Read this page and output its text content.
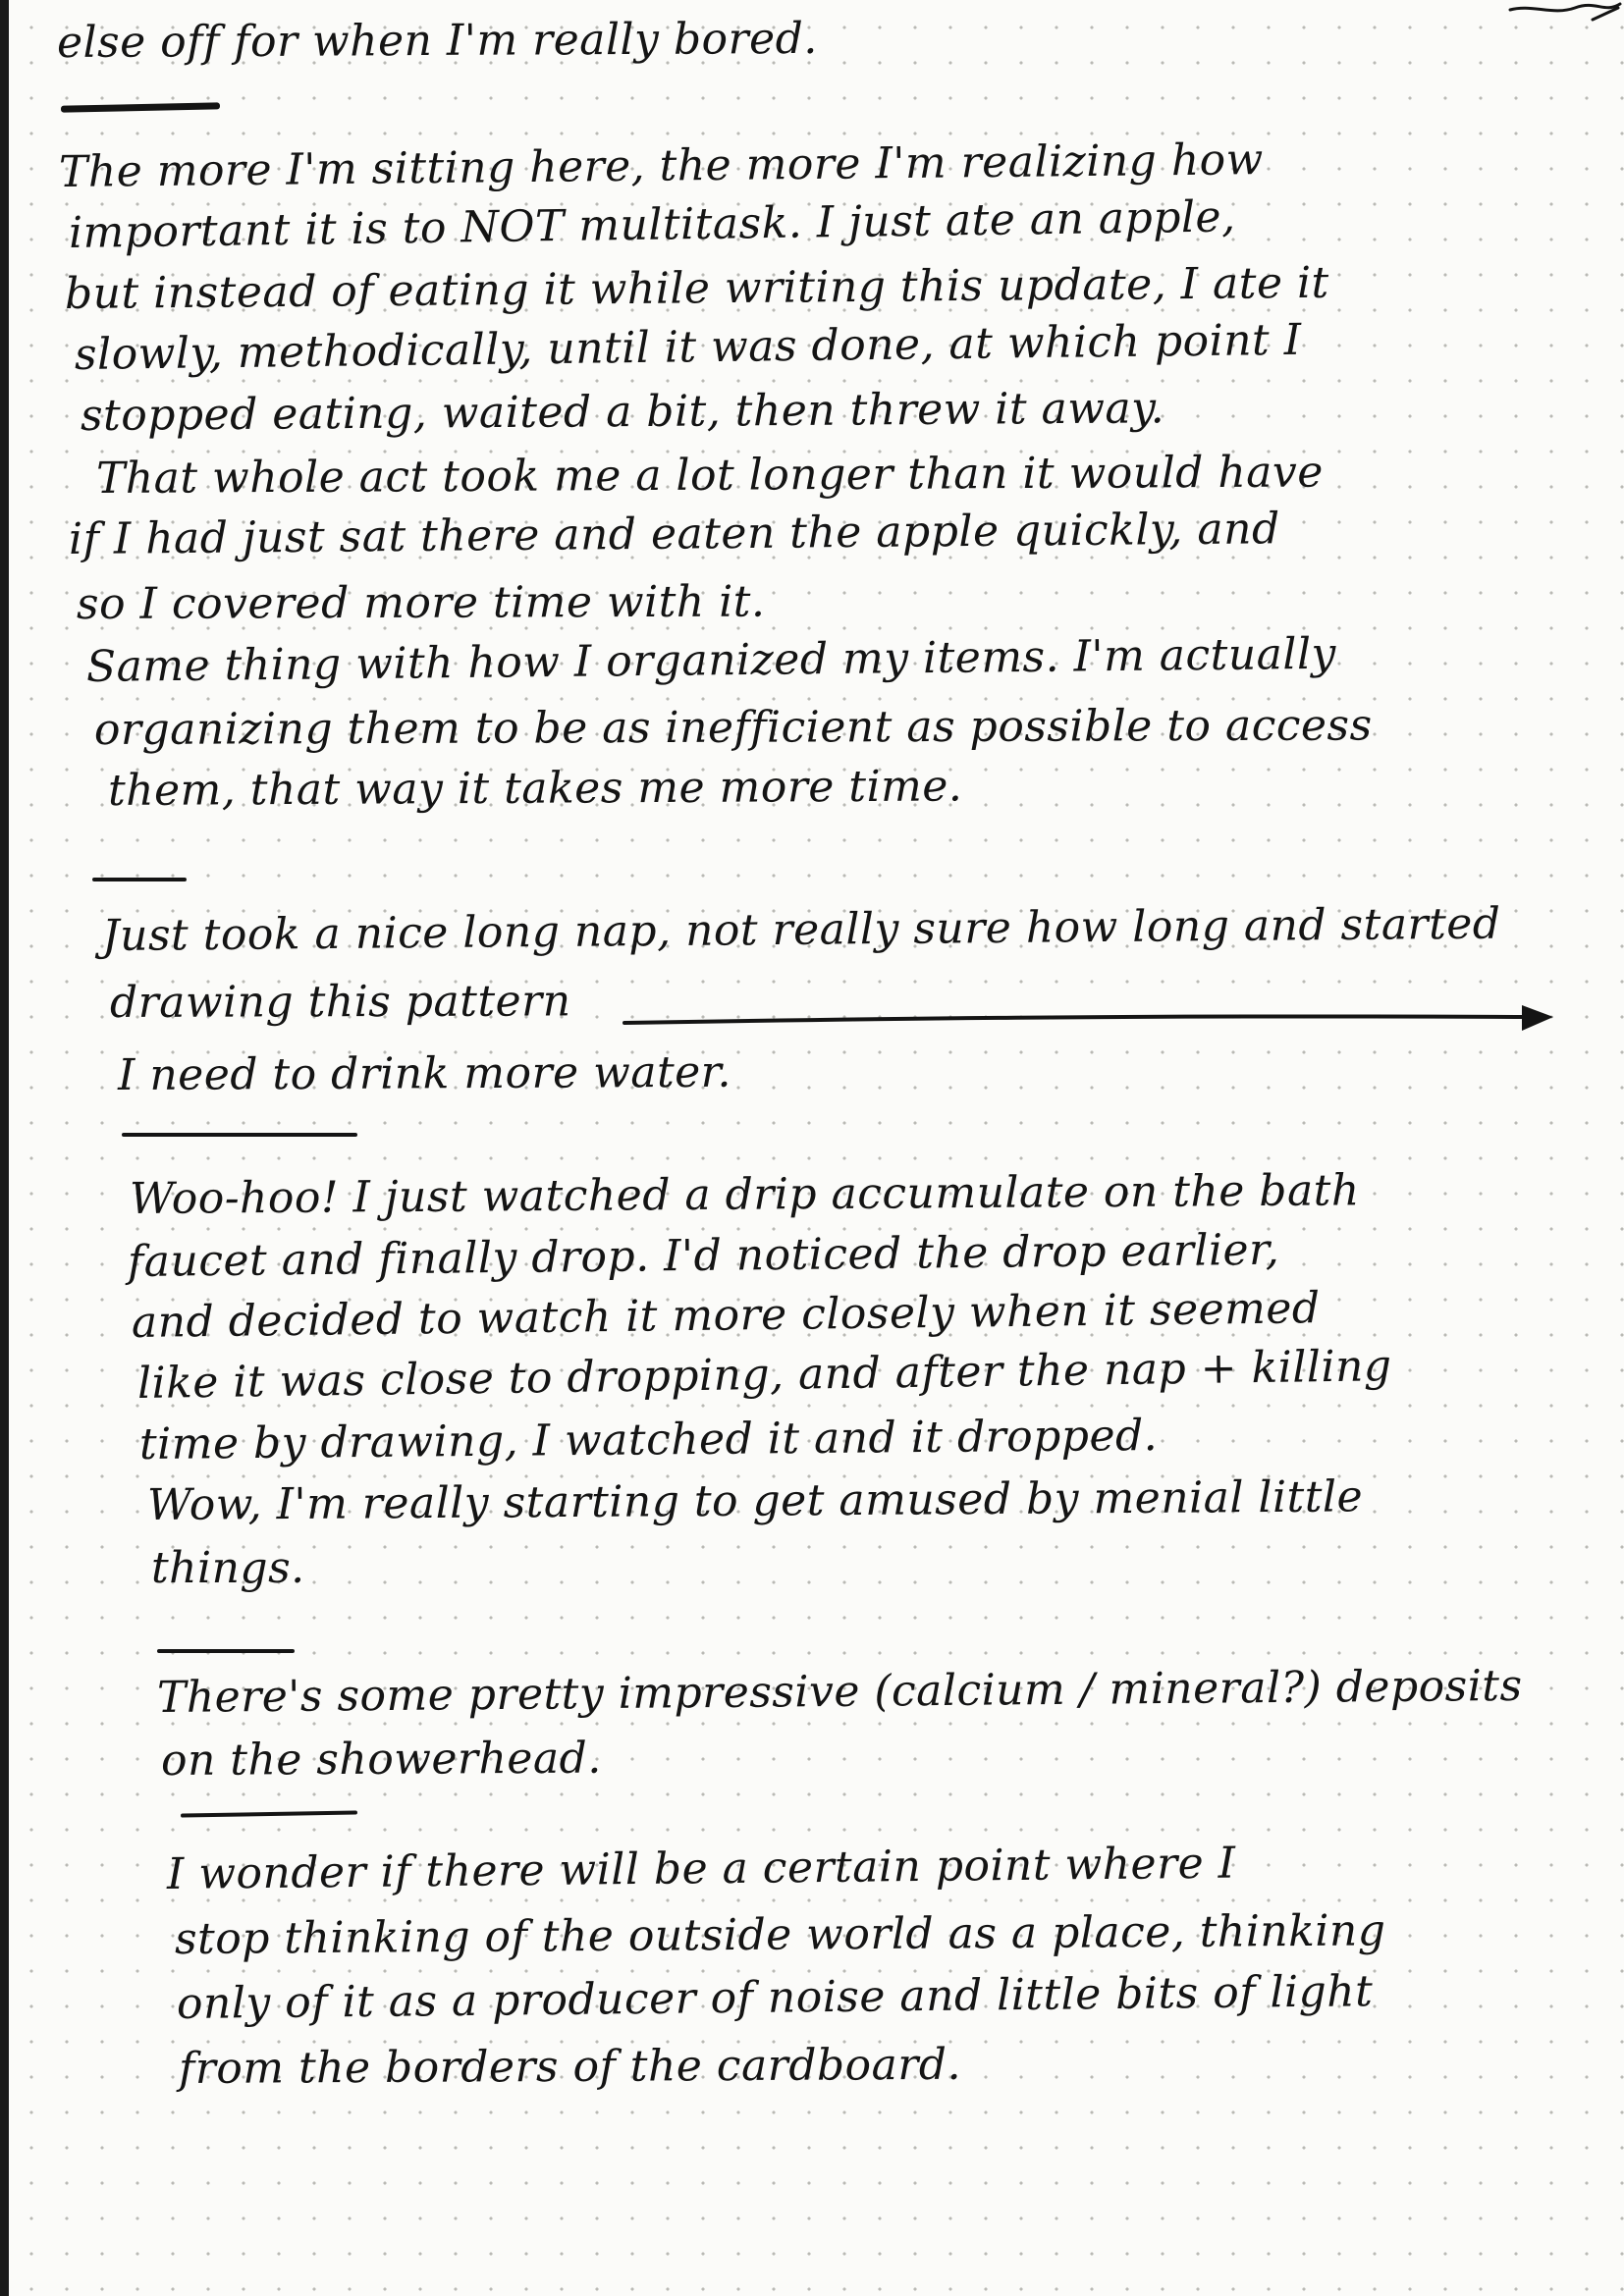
else off for when I'm really bored.

The more I'm sitting here, the more I'm realizing how

important it is to NOT multitask. I just ate an apple,

but instead of eating it while writing this update, I ate it

slowly, methodically, until it was done, at which point I

stopped eating, waited a bit, then threw it away.

That whole act took me a lot longer than it would have

if I had just sat there and eaten the apple quickly, and

so I covered more time with it.

Same thing with how I organized my items. I'm actually

organizing them to be as inefficient as possible to access

them, that way it takes me more time.

Just took a nice long nap, not really sure how long and started

drawing this pattern

I need to drink more water.

Woo-hoo! I just watched a drip accumulate on the bath

faucet and finally drop. I'd noticed the drop earlier,

and decided to watch it more closely when it seemed

like it was close to dropping, and after the nap + killing

time by drawing, I watched it and it dropped.

Wow, I'm really starting to get amused by menial little

things.

There's some pretty impressive (calcium / mineral?) deposits

on the showerhead.

I wonder if there will be a certain point where I

stop thinking of the outside world as a place, thinking

only of it as a producer of noise and little bits of light

from the borders of the cardboard.
